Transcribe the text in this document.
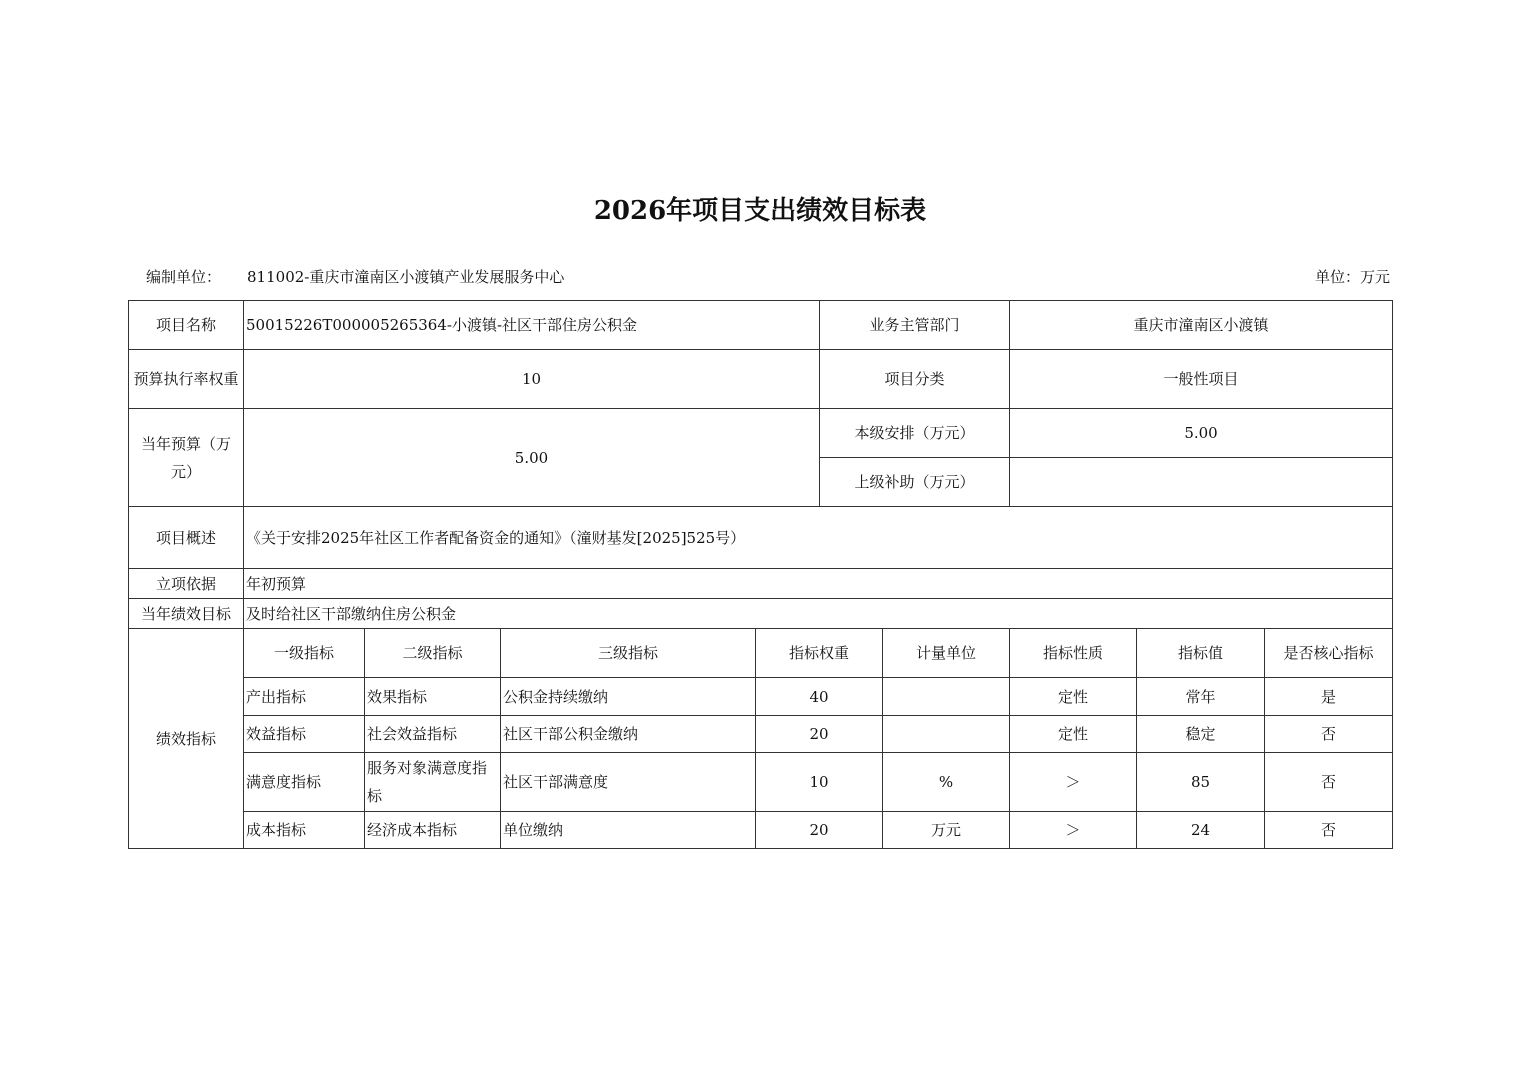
2026年项目支出绩效目标表
编制单位： 811002-重庆市潼南区小渡镇产业发展服务中心	单位：万元
项目名称	50015226T000005265364-小渡镇-社区干部住房公积金				业务主管部门		重庆市潼南区小渡镇		
预算执行率权重	10				项目分类		一般性项目		
当年预算（万元）	5.00				本级安排（万元）		5.00		
					上级补助（万元）				
项目概述	《关于安排2025年社区工作者配备资金的通知》（潼财基发[2025]525号）								
立项依据	年初预算								
当年绩效目标	及时给社区干部缴纳住房公积金								
绩效指标	一级指标	二级指标	三级指标	指标权重		计量单位	指标性质	指标值	是否核心指标
	产出指标	效果指标	公积金持续缴纳	40			定性	常年	是
	效益指标	社会效益指标	社区干部公积金缴纳	20			定性	稳定	否
	满意度指标	服务对象满意度指标	社区干部满意度	10		%	＞	85	否
	成本指标	经济成本指标	单位缴纳	20		万元	＞	24	否
